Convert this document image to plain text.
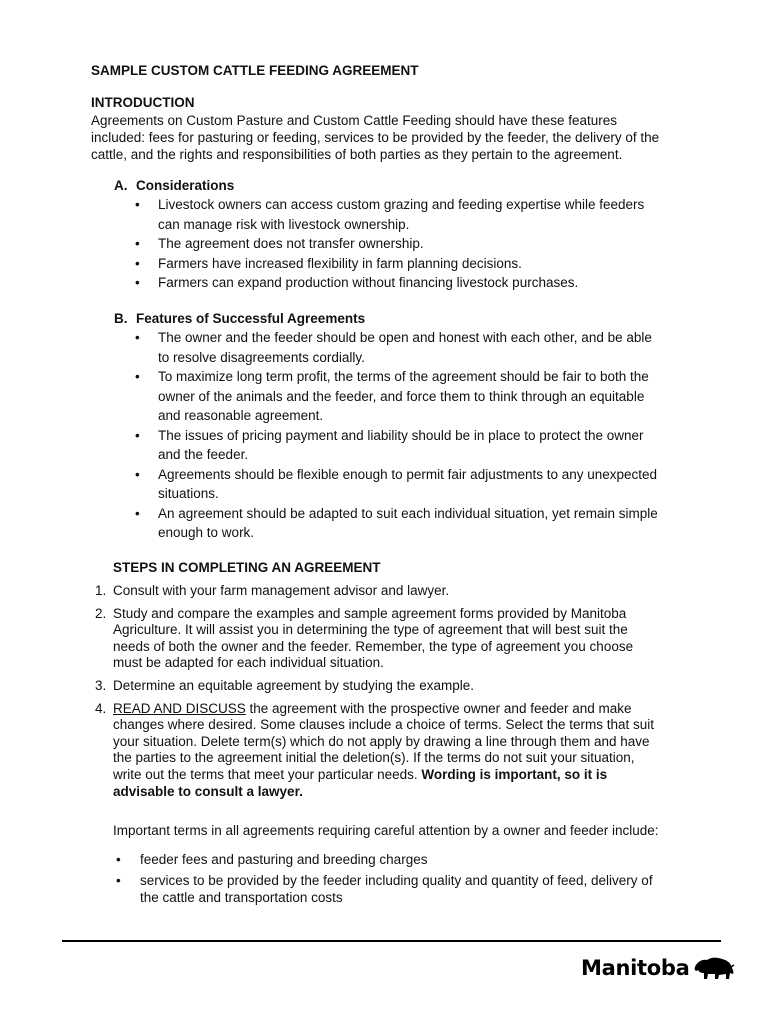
SAMPLE CUSTOM CATTLE FEEDING AGREEMENT
INTRODUCTION
Agreements on Custom Pasture and Custom Cattle Feeding should have these features
included: fees for pasturing or feeding, services to be provided by the feeder, the delivery of the
cattle, and the rights and responsibilities of both parties as they pertain to the agreement.
A. Considerations
• Livestock owners can access custom grazing and feeding expertise while feeders
can manage risk with livestock ownership.
• The agreement does not transfer ownership.
• Farmers have increased flexibility in farm planning decisions.
• Farmers can expand production without financing livestock purchases.
B. Features of Successful Agreements
• The owner and the feeder should be open and honest with each other, and be able
to resolve disagreements cordially.
• To maximize long term profit, the terms of the agreement should be fair to both the
owner of the animals and the feeder, and force them to think through an equitable
and reasonable agreement.
• The issues of pricing payment and liability should be in place to protect the owner
and the feeder.
• Agreements should be flexible enough to permit fair adjustments to any unexpected
situations.
• An agreement should be adapted to suit each individual situation, yet remain simple
enough to work.
STEPS IN COMPLETING AN AGREEMENT
1. Consult with your farm management advisor and lawyer.
2. Study and compare the examples and sample agreement forms provided by Manitoba
Agriculture. It will assist you in determining the type of agreement that will best suit the
needs of both the owner and the feeder. Remember, the type of agreement you choose
must be adapted for each individual situation.
3. Determine an equitable agreement by studying the example.
4. READ AND DISCUSS the agreement with the prospective owner and feeder and make
changes where desired. Some clauses include a choice of terms. Select the terms that suit
your situation. Delete term(s) which do not apply by drawing a line through them and have
the parties to the agreement initial the deletion(s). If the terms do not suit your situation,
write out the terms that meet your particular needs. Wording is important, so it is
advisable to consult a lawyer.
Important terms in all agreements requiring careful attention by a owner and feeder include:
• feeder fees and pasturing and breeding charges
• services to be provided by the feeder including quality and quantity of feed, delivery of
the cattle and transportation costs
Manitoba
